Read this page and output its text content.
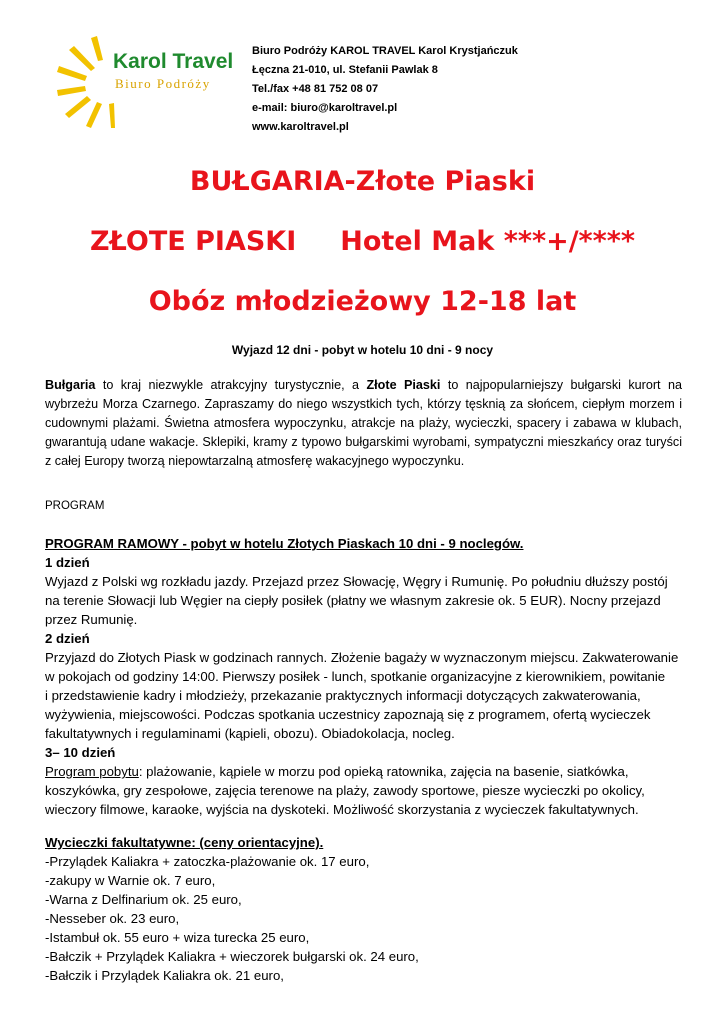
Karol Travel
Biuro Podróży
Biuro Podróży KAROL TRAVEL Karol Krystjańczuk
Łęczna 21-010, ul. Stefanii Pawlak 8
Tel./fax +48 81 752 08 07
e-mail: biuro@karoltravel.pl
www.karoltravel.pl
BUŁGARIA-Złote Piaski
ZŁOTE PIASKI Hotel Mak ***+/****
Obóz młodzieżowy 12-18 lat
Wyjazd 12 dni - pobyt w hotelu 10 dni - 9 nocy
Bułgaria to kraj niezwykle atrakcyjny turystycznie, a Złote Piaski to najpopularniejszy bułgarski kurort na wybrzeżu Morza Czarnego. Zapraszamy do niego wszystkich tych, którzy tęsknią za słońcem, ciepłym morzem i cudownymi plażami. Świetna atmosfera wypoczynku, atrakcje na plaży, wycieczki, spacery i zabawa w klubach, gwarantują udane wakacje. Sklepiki, kramy z typowo bułgarskimi wyrobami, sympatyczni mieszkańcy oraz turyści z całej Europy tworzą niepowtarzalną atmosferę wakacyjnego wypoczynku.
PROGRAM
PROGRAM RAMOWY - pobyt w hotelu Złotych Piaskach 10 dni - 9 noclegów.
1 dzień
Wyjazd z Polski wg rozkładu jazdy. Przejazd przez Słowację, Węgry i Rumunię. Po południu dłuższy postój
na terenie Słowacji lub Węgier na ciepły posiłek (płatny we własnym zakresie ok. 5 EUR). Nocny przejazd
przez Rumunię.
2 dzień
Przyjazd do Złotych Piask w godzinach rannych. Złożenie bagaży w wyznaczonym miejscu. Zakwaterowanie
w pokojach od godziny 14:00. Pierwszy posiłek - lunch, spotkanie organizacyjne z kierownikiem, powitanie
i przedstawienie kadry i młodzieży, przekazanie praktycznych informacji dotyczących zakwaterowania,
wyżywienia, miejscowości. Podczas spotkania uczestnicy zapoznają się z programem, ofertą wycieczek
fakultatywnych i regulaminami (kąpieli, obozu). Obiadokolacja, nocleg.
3– 10 dzień
Program pobytu: plażowanie, kąpiele w morzu pod opieką ratownika, zajęcia na basenie, siatkówka,
koszykówka, gry zespołowe, zajęcia terenowe na plaży, zawody sportowe, piesze wycieczki po okolicy,
wieczory filmowe, karaoke, wyjścia na dyskoteki. Możliwość skorzystania z wycieczek fakultatywnych.
Wycieczki fakultatywne: (ceny orientacyjne).
-Przylądek Kaliakra + zatoczka-plażowanie ok. 17 euro,
-zakupy w Warnie ok. 7 euro,
-Warna z Delfinarium ok. 25 euro,
-Nesseber ok. 23 euro,
-Istambuł ok. 55 euro + wiza turecka 25 euro,
-Bałczik + Przylądek Kaliakra + wieczorek bułgarski ok. 24 euro,
-Bałczik i Przylądek Kaliakra ok. 21 euro,
